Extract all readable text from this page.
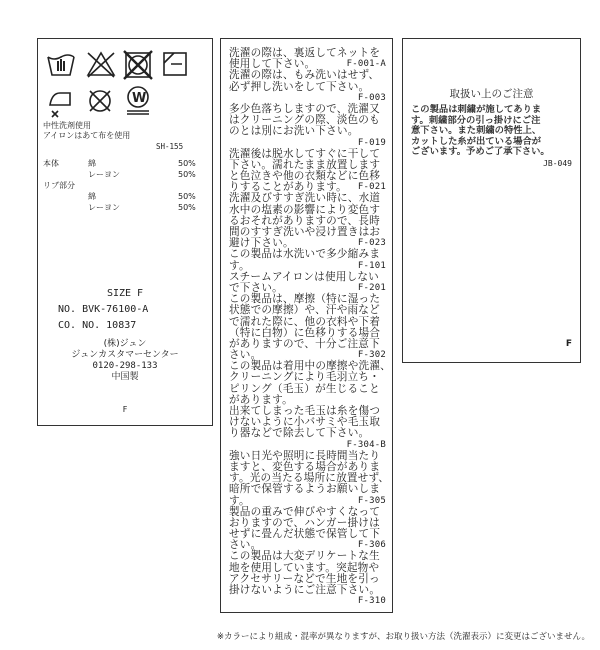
W
中性洗剤使用
アイロンはあて布を使用
SH-155
本体	綿	50%
レーヨン	50%
リブ部分
綿	50%
レーヨン	50%
SIZE F
NO. BVK-76100-A
CO. NO. 10837
(株)ジュン
ジュンカスタマーセンター
0120-298-133
中国製
F
洗濯の際は、裏返してネットを
使用して下さい。	F-001-A
洗濯の際は、もみ洗いはせず、
必ず押し洗いをして下さい。
F-003
多少色落ちしますので、洗濯又
はクリーニングの際、淡色のも
のとは別にお洗い下さい。
F-019
洗濯後は脱水してすぐに干して
下さい。濡れたまま放置します
と色泣きや他の衣類などに色移
りすることがあります。 F-021
洗濯及びすすぎ洗い時に、水道
水中の塩素の影響により変色す
るおそれがありますので、長時
間のすすぎ洗いや浸け置きはお
避け下さい。	F-023
この製品は水洗いで多少縮みま
す。	F-101
スチームアイロンは使用しない
で下さい。	F-201
この製品は、摩擦（特に湿った
状態での摩擦）や、汗や雨など
で濡れた際に、他の衣料や下着
（特に白物）に色移りする場合
がありますので、十分ご注意下
さい。	F-302
この製品は着用中の摩擦や洗濯、
クリーニングにより毛羽立ち・
ピリング（毛玉）が生じること
があります。
出来てしまった毛玉は糸を傷つ
けないように小バサミや毛玉取
り器などで除去して下さい。
F-304-B
強い日光や照明に長時間当たり
ますと、変色する場合がありま
す。光の当たる場所に放置せず、
暗所で保管するようお願いしま
す。	F-305
製品の重みで伸びやすくなって
おりますので、ハンガー掛けは
せずに畳んだ状態で保管して下
さい。	F-306
この製品は大変デリケートな生
地を使用しています。突起物や
アクセサリーなどで生地を引っ
掛けないようにご注意下さい。
F-310
取扱い上のご注意
この製品は刺繍が施してありま
す。刺繍部分の引っ掛けにご注
意下さい。また刺繍の特性上、
カットした糸が出ている場合が
ございます。予めご了承下さい。
JB-049
F
※カラーにより組成・混率が異なりますが、お取り扱い方法（洗濯表示）に変更はございません。
